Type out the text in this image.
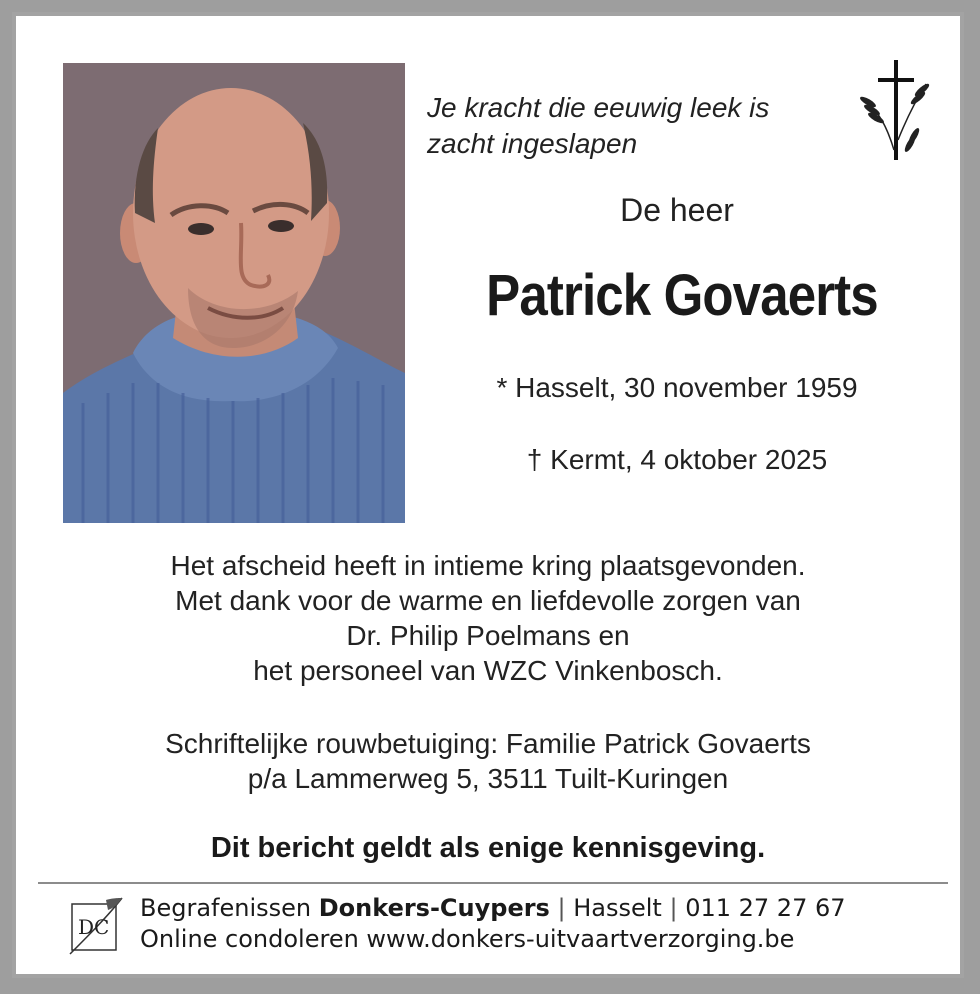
Je kracht die eeuwig leek is
zacht ingeslapen
De heer
Patrick Govaerts
* Hasselt, 30 november 1959
† Kermt, 4 oktober 2025
Het afscheid heeft in intieme kring plaatsgevonden.
Met dank voor de warme en liefdevolle zorgen van
Dr. Philip Poelmans en
het personeel van WZC Vinkenbosch.
Schriftelijke rouwbetuiging: Familie Patrick Govaerts
p/a Lammerweg 5, 3511 Tuilt-Kuringen
Dit bericht geldt als enige kennisgeving.
DC
Begrafenissen Donkers-Cuypers | Hasselt | 011 27 27 67
Online condoleren www.donkers-uitvaartverzorging.be
